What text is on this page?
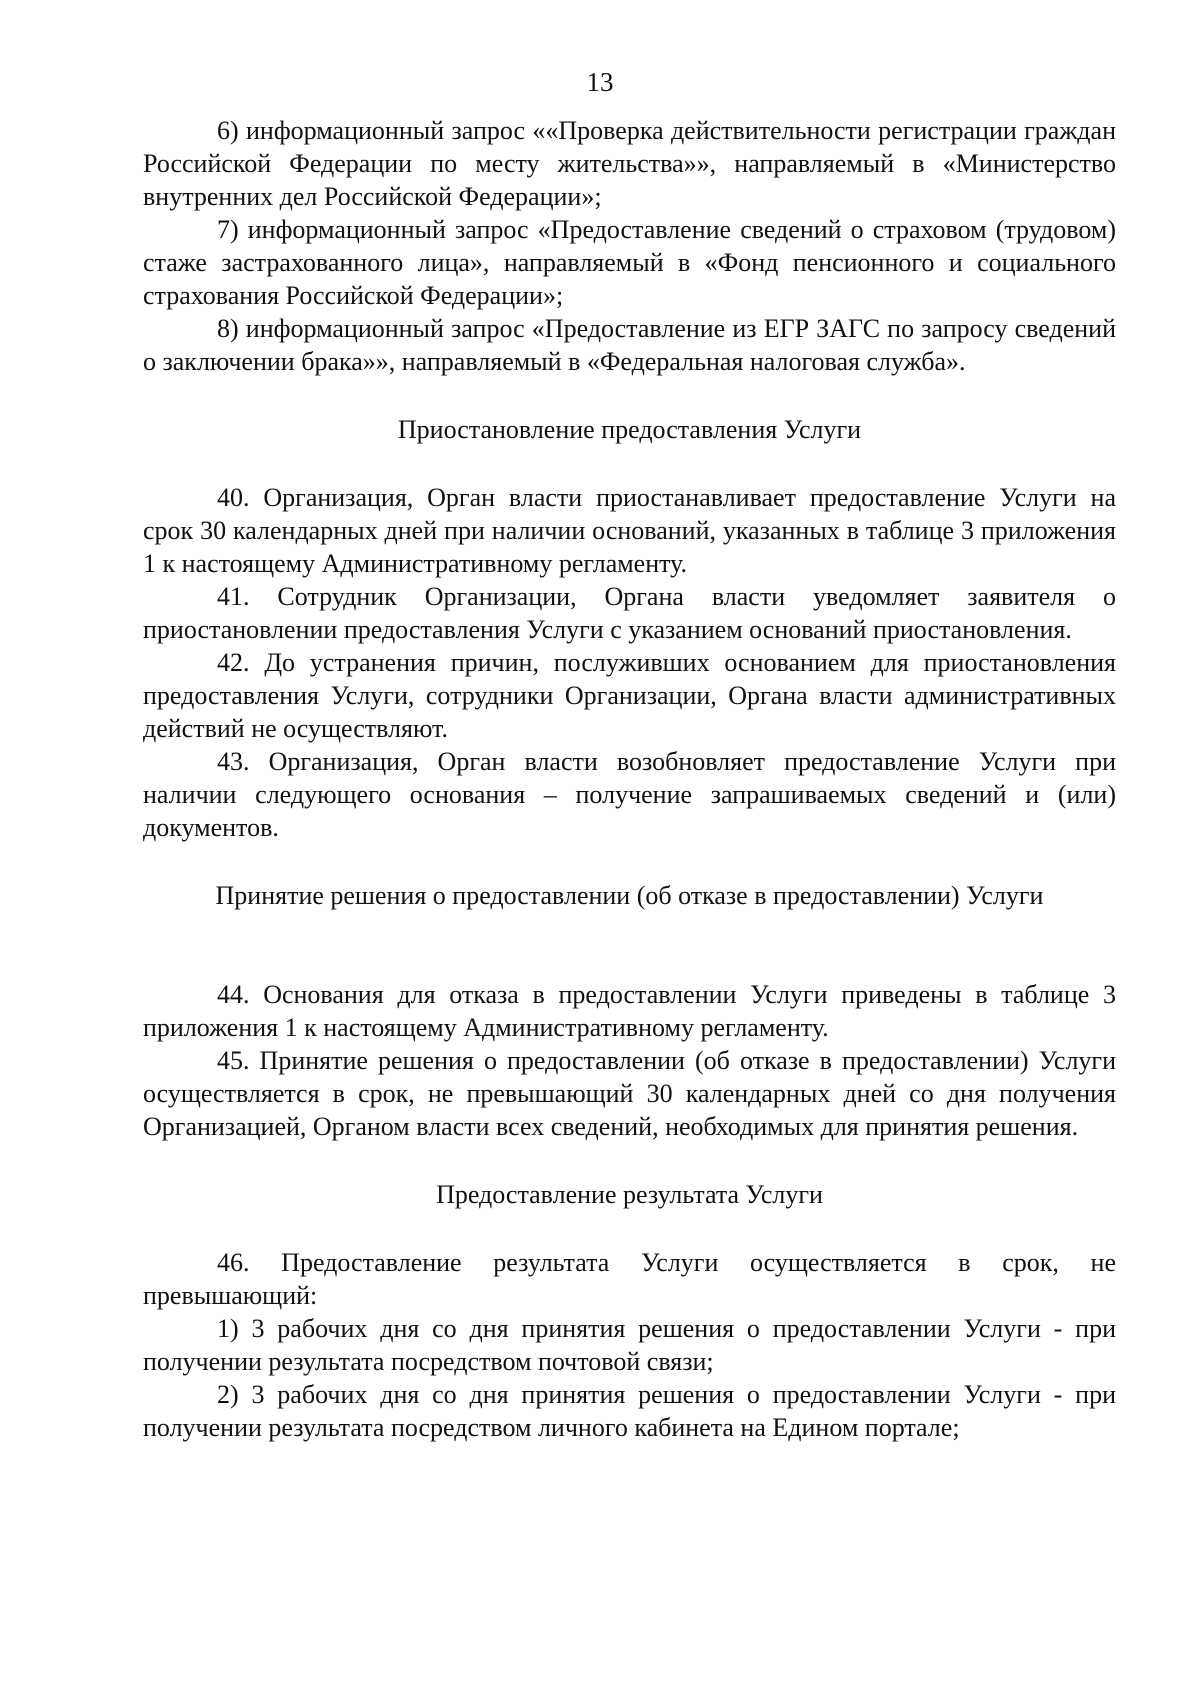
13

6) информационный запрос ««Проверка действительности регистрации граждан Российской Федерации по месту жительства»», направляемый в «Министерство внутренних дел Российской Федерации»;

7) информационный запрос «Предоставление сведений о страховом (трудовом) стаже застрахованного лица», направляемый в «Фонд пенсионного и социального страхования Российской Федерации»;

8) информационный запрос «Предоставление из ЕГР ЗАГС по запросу сведений о заключении брака»», направляемый в «Федеральная налоговая служба».

Приостановление предоставления Услуги

40. Организация, Орган власти приостанавливает предоставление Услуги на срок 30 календарных дней при наличии оснований, указанных в таблице 3 приложения 1 к настоящему Административному регламенту.

41. Сотрудник Организации, Органа власти уведомляет заявителя о приостановлении предоставления Услуги с указанием оснований приостановления.

42. До устранения причин, послуживших основанием для приостановления предоставления Услуги, сотрудники Организации, Органа власти административных действий не осуществляют.

43. Организация, Орган власти возобновляет предоставление Услуги при наличии следующего основания – получение запрашиваемых сведений и (или) документов.

Принятие решения о предоставлении (об отказе в предоставлении) Услуги

44. Основания для отказа в предоставлении Услуги приведены в таблице 3 приложения 1 к настоящему Административному регламенту.

45. Принятие решения о предоставлении (об отказе в предоставлении) Услуги осуществляется в срок, не превышающий 30 календарных дней со дня получения Организацией, Органом власти всех сведений, необходимых для принятия решения.

Предоставление результата Услуги

46. Предоставление результата Услуги осуществляется в срок, не превышающий:

1) 3 рабочих дня со дня принятия решения о предоставлении Услуги - при получении результата посредством почтовой связи;

2) 3 рабочих дня со дня принятия решения о предоставлении Услуги - при получении результата посредством личного кабинета на Едином портале;
